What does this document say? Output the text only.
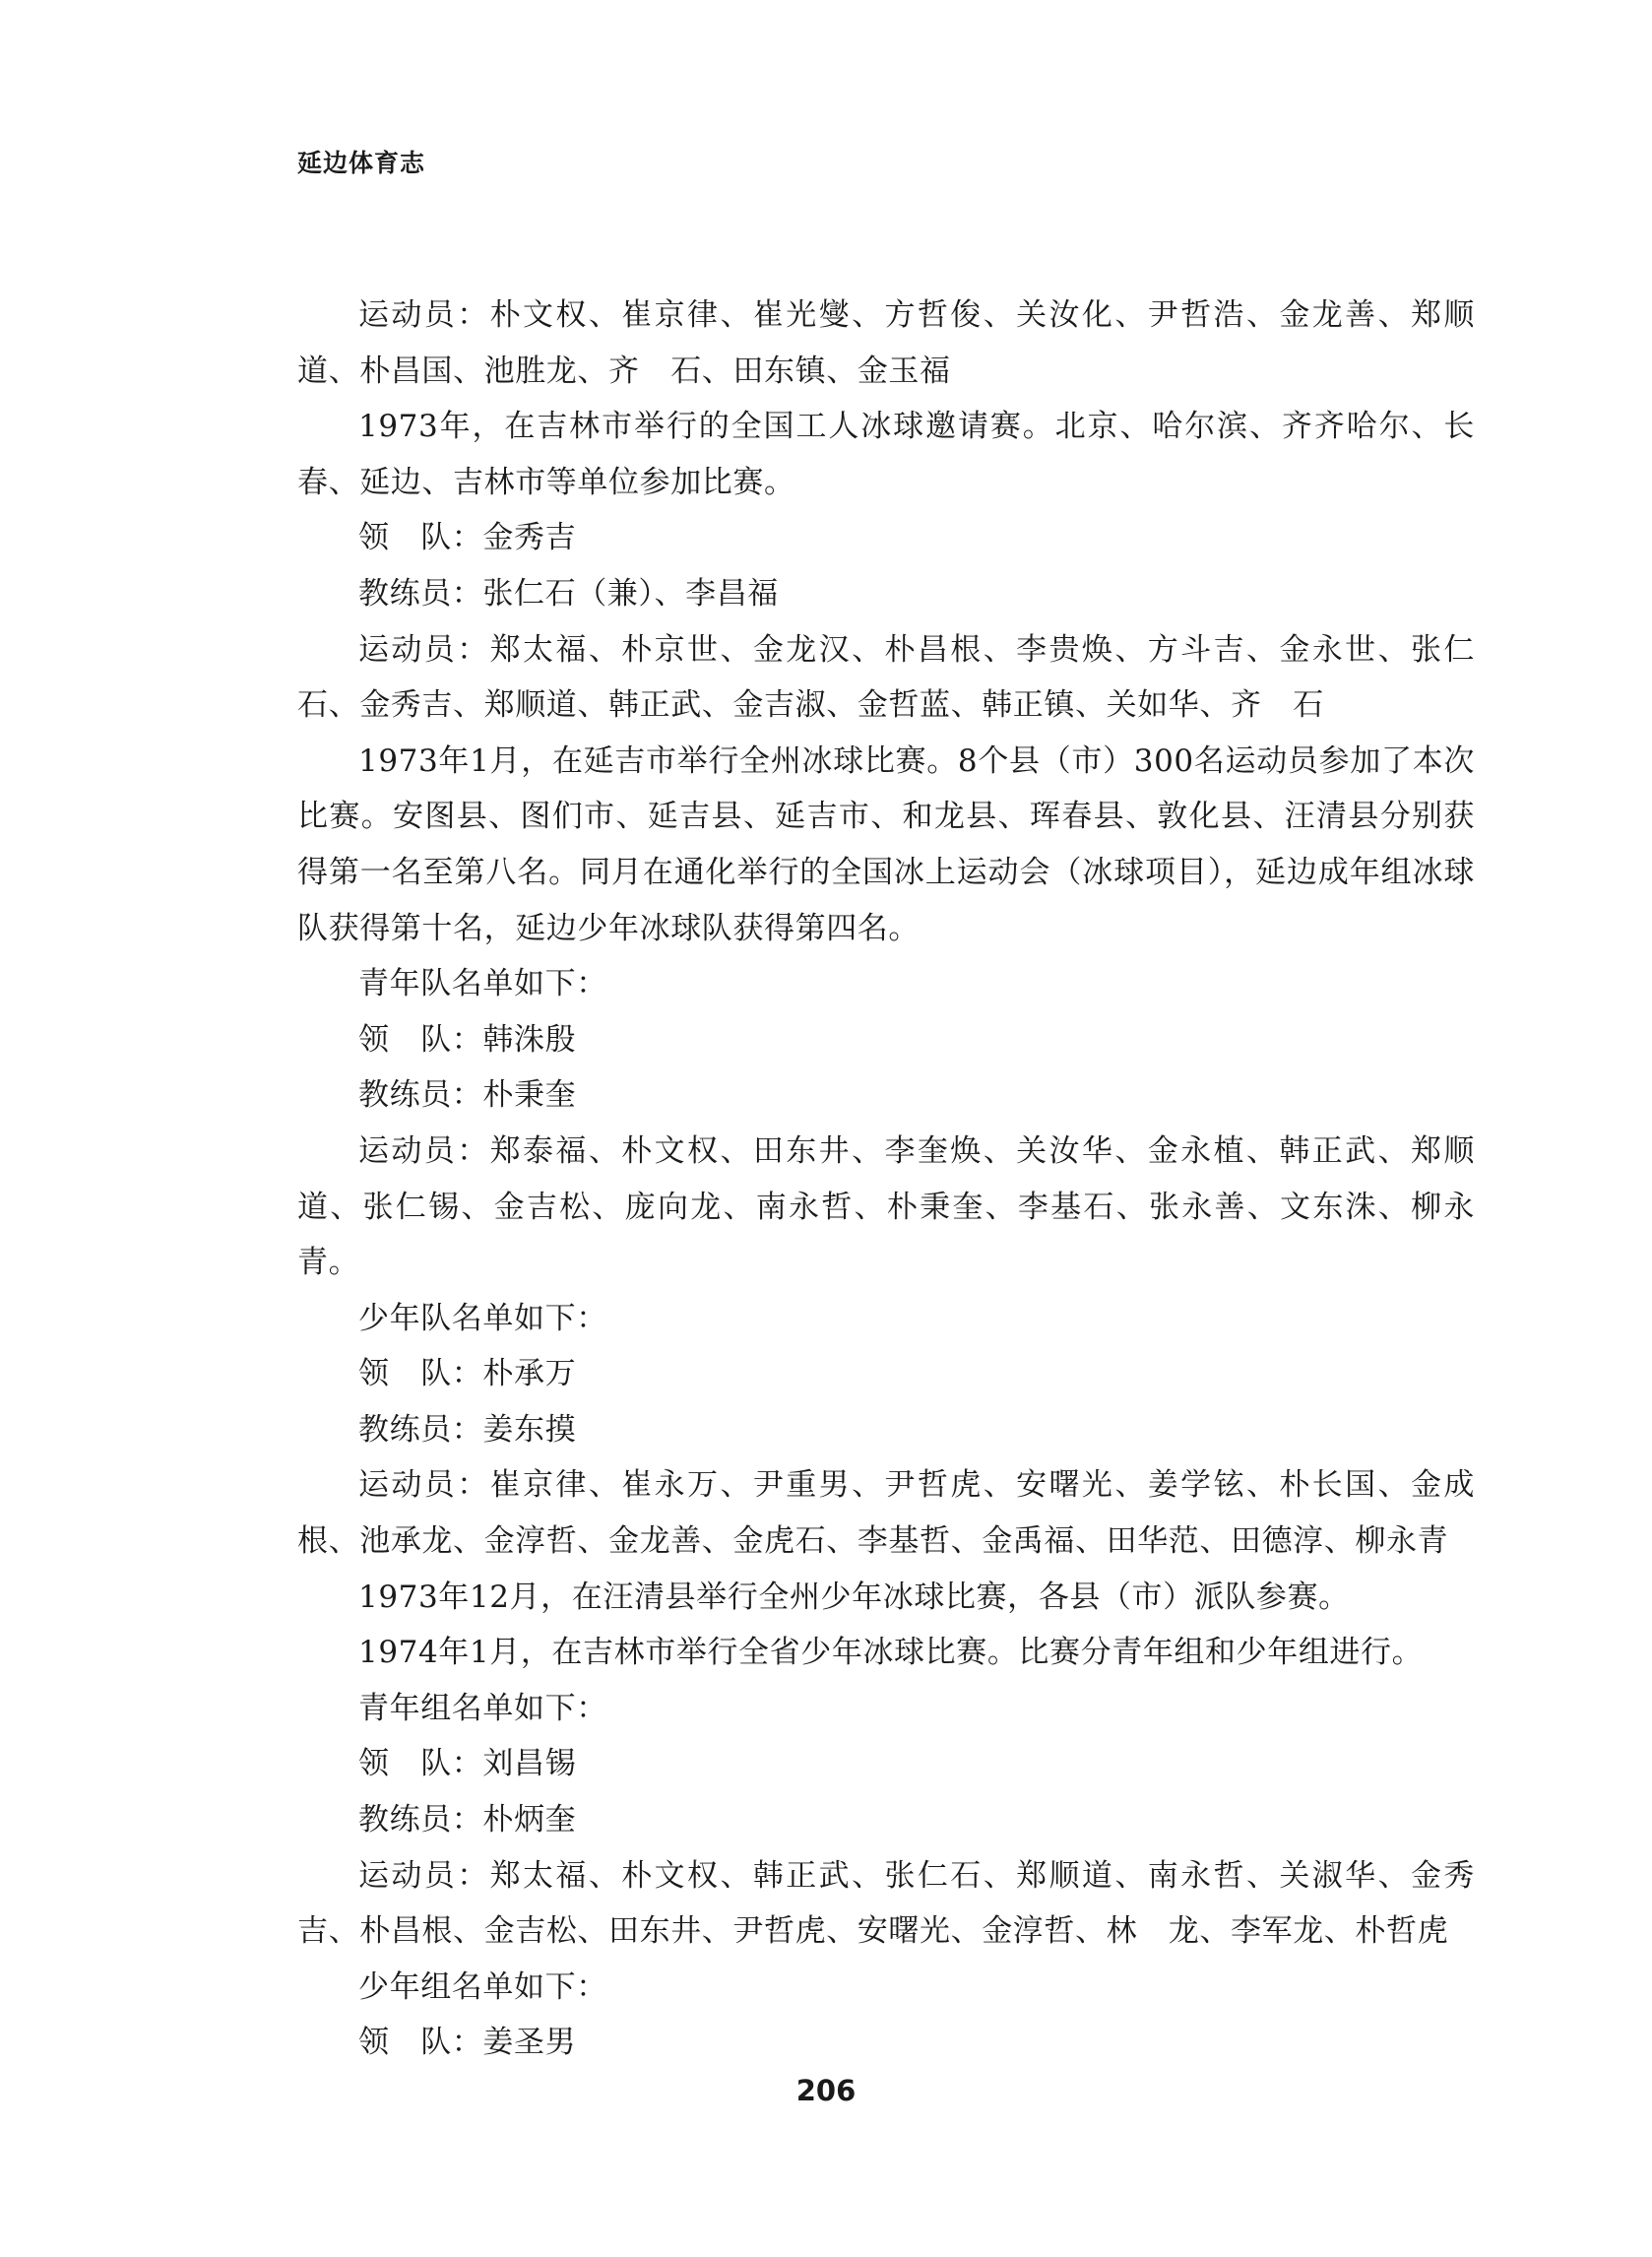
延边体育志

运动员：朴文权、崔京律、崔光燮、方哲俊、关汝化、尹哲浩、金龙善、郑顺道、朴昌国、池胜龙、齐　石、田东镇、金玉福

1973年，在吉林市举行的全国工人冰球邀请赛。北京、哈尔滨、齐齐哈尔、长春、延边、吉林市等单位参加比赛。

领　队：金秀吉

教练员：张仁石（兼）、李昌福

运动员：郑太福、朴京世、金龙汉、朴昌根、李贵焕、方斗吉、金永世、张仁石、金秀吉、郑顺道、韩正武、金吉淑、金哲蓝、韩正镇、关如华、齐　石

1973年1月，在延吉市举行全州冰球比赛。8个县（市）300名运动员参加了本次比赛。安图县、图们市、延吉县、延吉市、和龙县、珲春县、敦化县、汪清县分别获得第一名至第八名。同月在通化举行的全国冰上运动会（冰球项目），延边成年组冰球队获得第十名，延边少年冰球队获得第四名。

青年队名单如下：

领　队：韩洙殷

教练员：朴秉奎

运动员：郑泰福、朴文权、田东井、李奎焕、关汝华、金永植、韩正武、郑顺道、张仁锡、金吉松、庞向龙、南永哲、朴秉奎、李基石、张永善、文东洙、柳永青。

少年队名单如下：

领　队：朴承万

教练员：姜东摸

运动员：崔京律、崔永万、尹重男、尹哲虎、安曙光、姜学铉、朴长国、金成根、池承龙、金淳哲、金龙善、金虎石、李基哲、金禹福、田华范、田德淳、柳永青

1973年12月，在汪清县举行全州少年冰球比赛，各县（市）派队参赛。

1974年1月，在吉林市举行全省少年冰球比赛。比赛分青年组和少年组进行。

青年组名单如下：

领　队：刘昌锡

教练员：朴炳奎

运动员：郑太福、朴文权、韩正武、张仁石、郑顺道、南永哲、关淑华、金秀吉、朴昌根、金吉松、田东井、尹哲虎、安曙光、金淳哲、林　龙、李军龙、朴哲虎

少年组名单如下：

领　队：姜圣男

206
